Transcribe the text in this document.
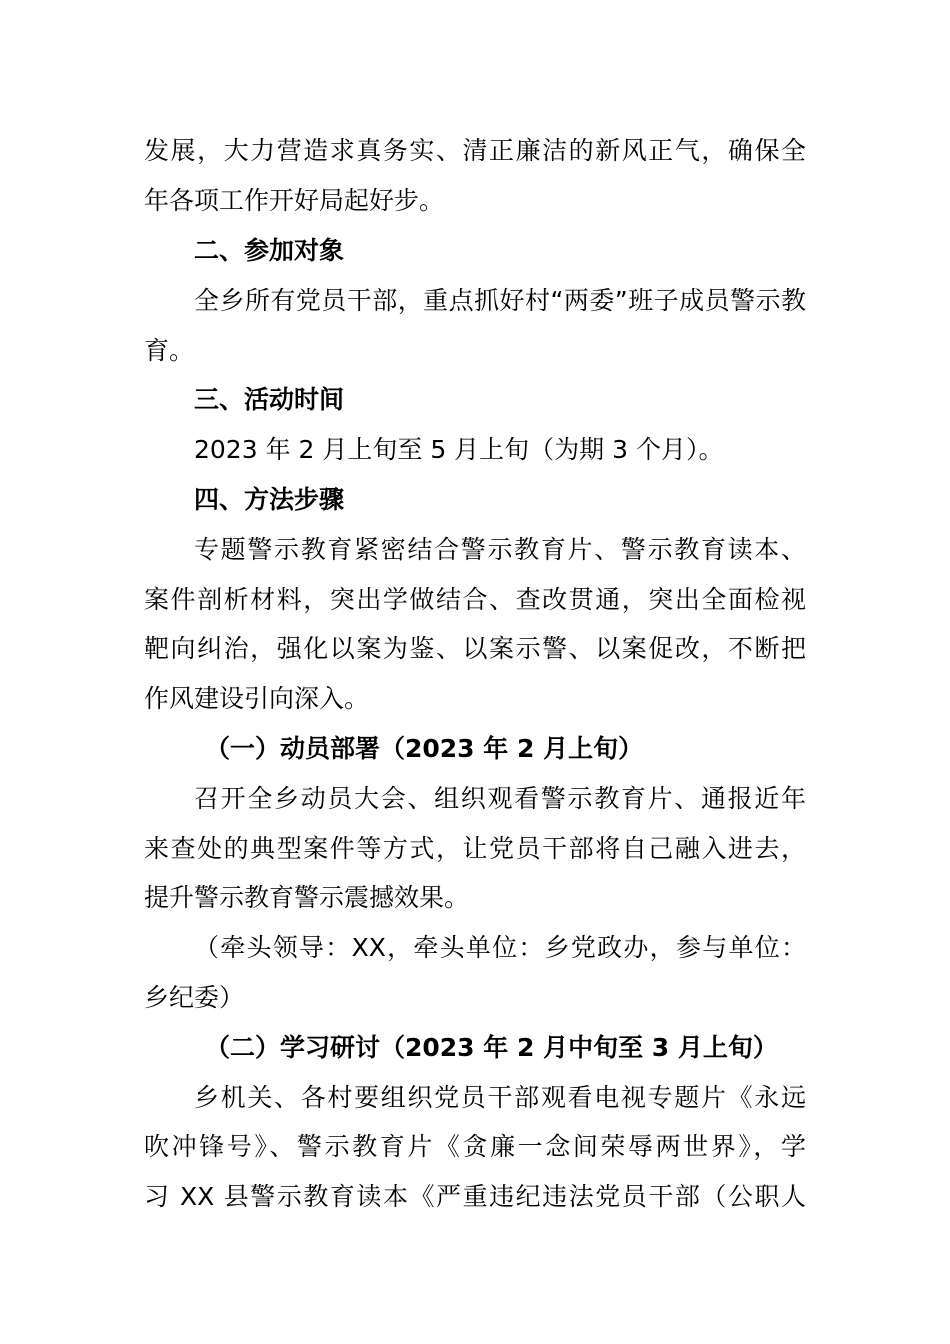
发展，大力营造求真务实、清正廉洁的新风正气，确保全
年各项工作开好局起好步。
二、参加对象
全乡所有党员干部，重点抓好村“两委”班子成员警示教
育。
三、活动时间
2023 年 2 月上旬至 5 月上旬（为期 3 个月）。
四、方法步骤
专题警示教育紧密结合警示教育片、警示教育读本、
案件剖析材料，突出学做结合、查改贯通，突出全面检视
靶向纠治，强化以案为鉴、以案示警、以案促改，不断把
作风建设引向深入。
（一）动员部署（2023 年 2 月上旬）
召开全乡动员大会、组织观看警示教育片、通报近年
来查处的典型案件等方式，让党员干部将自己融入进去，
提升警示教育警示震撼效果。
（牵头领导：XX，牵头单位：乡党政办，参与单位：
乡纪委）
（二）学习研讨（2023 年 2 月中旬至 3 月上旬）
乡机关、各村要组织党员干部观看电视专题片《永远
吹冲锋号》、警示教育片《贪廉一念间荣辱两世界》，学
习 XX 县警示教育读本《严重违纪违法党员干部（公职人
